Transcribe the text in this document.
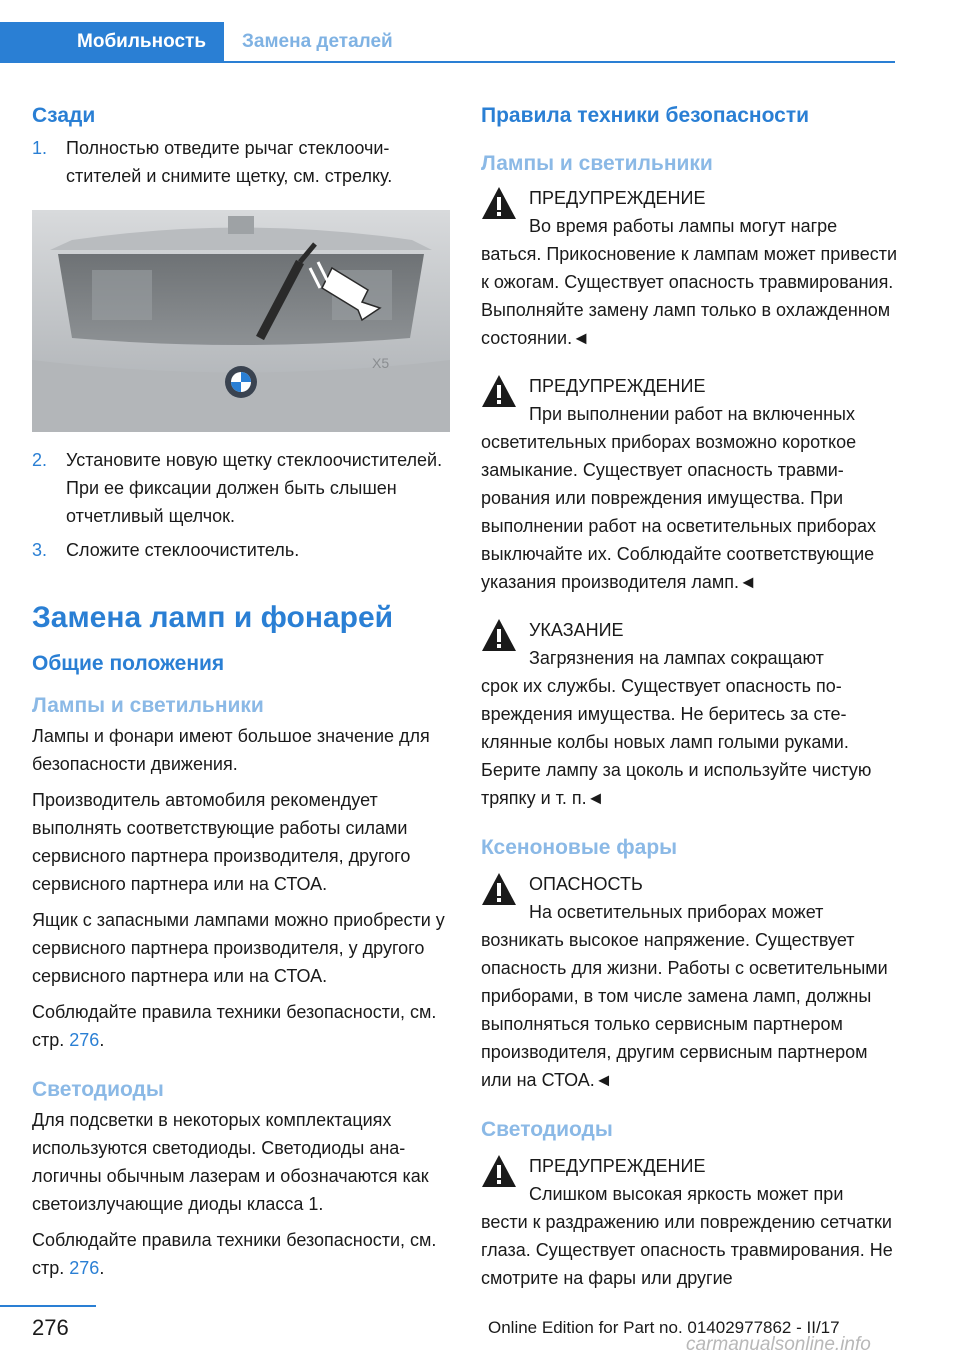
Мобильность	Замена деталей
Сзади
1.	Полностью отведите рычаг стеклоочистителей и снимите щетку, см. стрелку.
X5
2.	Установите новую щетку стеклоочистителей. При ее фиксации должен быть слышен отчетливый щелчок.
3.	Сложите стеклоочиститель.
Замена ламп и фонарей
Общие положения
Лампы и светильники
Лампы и фонари имеют большое значение для безопасности движения.
Производитель автомобиля рекомендует выполнять соответствующие работы силами сервисного партнера производителя, другого сервисного партнера или на СТОА.
Ящик с запасными лампами можно приобрести у сервисного партнера производителя, у другого сервисного партнера или на СТОА.
Соблюдайте правила техники безопасности, см. стр. 276.
Светодиоды
Для подсветки в некоторых комплектациях используются светодиоды. Светодиоды аналогичны обычным лазерам и обозначаются как светоизлучающие диоды класса 1.
Соблюдайте правила техники безопасности, см. стр. 276.
Правила техники безопасности
Лампы и светильники
ПРЕДУПРЕЖДЕНИЕ
Во время работы лампы могут нагре
ваться. Прикосновение к лампам может привести к ожогам. Существует опасность травмирования. Выполняйте замену ламп только в охлажденном состоянии.◄
ПРЕДУПРЕЖДЕНИЕ
При выполнении работ на включенных
осветительных приборах возможно короткое замыкание. Существует опасность травмирования или повреждения имущества. При выполнении работ на осветительных приборах выключайте их. Соблюдайте соответствующие указания производителя ламп.◄
УКАЗАНИЕ
Загрязнения на лампах сокращают
срок их службы. Существует опасность повреждения имущества. Не беритесь за стеклянные колбы новых ламп голыми руками. Берите лампу за цоколь и используйте чистую тряпку и т. п.◄
Ксеноновые фары
ОПАСНОСТЬ
На осветительных приборах может
возникать высокое напряжение. Существует опасность для жизни. Работы с осветительными приборами, в том числе замена ламп, должны выполняться только сервисным партнером производителя, другим сервисным партнером или на СТОА.◄
Светодиоды
ПРЕДУПРЕЖДЕНИЕ
Слишком высокая яркость может при
вести к раздражению или повреждению сетчатки глаза. Существует опасность травмирования. Не смотрите на фары или другие
276	Online Edition for Part no. 01402977862 - II/17
carmanualsonline.info
